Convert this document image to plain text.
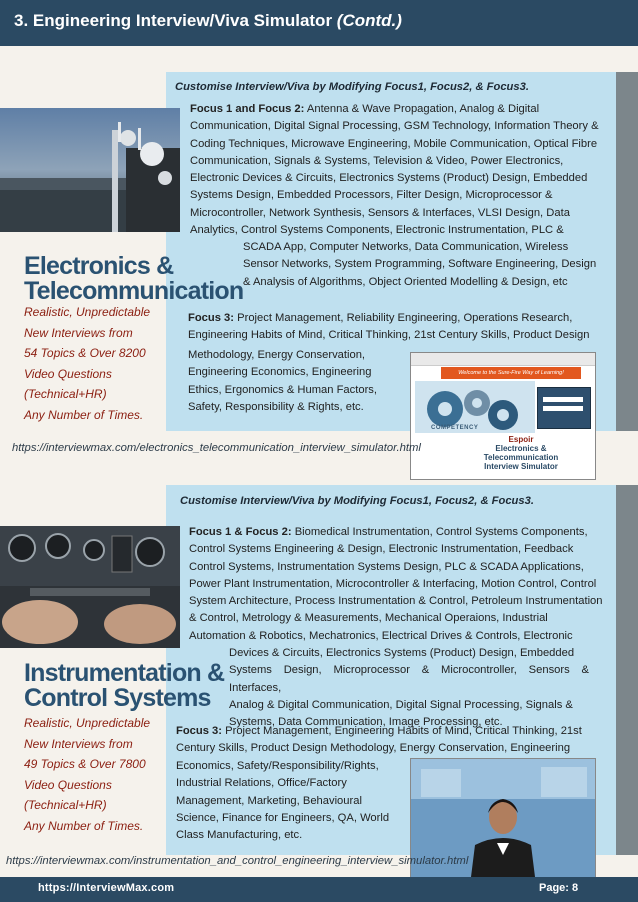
3. Engineering Interview/Viva Simulator (Contd.)
Customise Interview/Viva by Modifying Focus1, Focus2, & Focus3.
Focus 1 and Focus 2: Antenna & Wave Propagation, Analog & Digital
Communication, Digital Signal Processing, GSM Technology, Information Theory &
Coding Techniques, Microwave Engineering, Mobile Communication, Optical Fibre
Communication, Signals & Systems, Television & Video, Power Electronics,
Electronic Devices & Circuits, Electronics Systems (Product) Design, Embedded
Systems Design, Embedded Processors, Filter Design, Microprocessor &
Microcontroller, Network Synthesis, Sensors & Interfaces, VLSI Design, Data
Analytics, Control Systems Components, Electronic Instrumentation, PLC &
SCADA App, Computer Networks, Data Communication, Wireless
Sensor Networks, System Programming, Software Engineering, Design
& Analysis of Algorithms, Object Oriented Modelling & Design, etc
Electronics &
Telecommunication
Realistic, Unpredictable
New Interviews from
54 Topics & Over 8200
Video Questions
(Technical+HR)
Any Number of Times.
Focus 3: Project Management, Reliability Engineering, Operations Research,
Engineering Habits of Mind, Critical Thinking, 21st Century Skills, Product Design
Methodology, Energy Conservation,
Engineering Economics, Engineering
Ethics, Ergonomics & Human Factors,
Safety, Responsibility & Rights, etc.
Welcome to the Sure-Fire Way of Learning!
COMPETENCY
Espoir
Electronics &
Telecommunication
Interview Simulator
https://interviewmax.com/electronics_telecommunication_interview_simulator.html
Customise Interview/Viva by Modifying Focus1, Focus2, & Focus3.
Focus 1 & Focus 2: Biomedical Instrumentation, Control Systems Components,
Control Systems Engineering & Design, Electronic Instrumentation, Feedback
Control Systems, Instrumentation Systems Design, PLC & SCADA Applications,
Power Plant Instrumentation, Microcontroller & Interfacing, Motion Control, Control
System Architecture, Process Instrumentation & Control, Petroleum Instrumentation
& Control, Metrology & Measurements, Mechanical Operaions, Industrial
Automation & Robotics, Mechatronics, Electrical Drives & Controls, Electronic
Devices & Circuits, Electronics Systems (Product) Design, Embedded
Systems Design, Microprocessor & Microcontroller, Sensors & Interfaces,
Analog & Digital Communication, Digital Signal Processing, Signals &
Systems, Data Communication, Image Processing, etc.
Instrumentation &
Control Systems
Realistic, Unpredictable
New Interviews from
49 Topics & Over 7800
Video Questions
(Technical+HR)
Any Number of Times.
Focus 3: Project Management, Engineering Habits of Mind, Critical Thinking, 21st
Century Skills, Product Design Methodology, Energy Conservation, Engineering
Economics, Safety/Responsibility/Rights,
Industrial Relations, Office/Factory
Management, Marketing, Behavioural
Science, Finance for Engineers, QA, World
Class Manufacturing, etc.
https://interviewmax.com/instrumentation_and_control_engineering_interview_simulator.html
https://InterviewMax.com	Page: 8
